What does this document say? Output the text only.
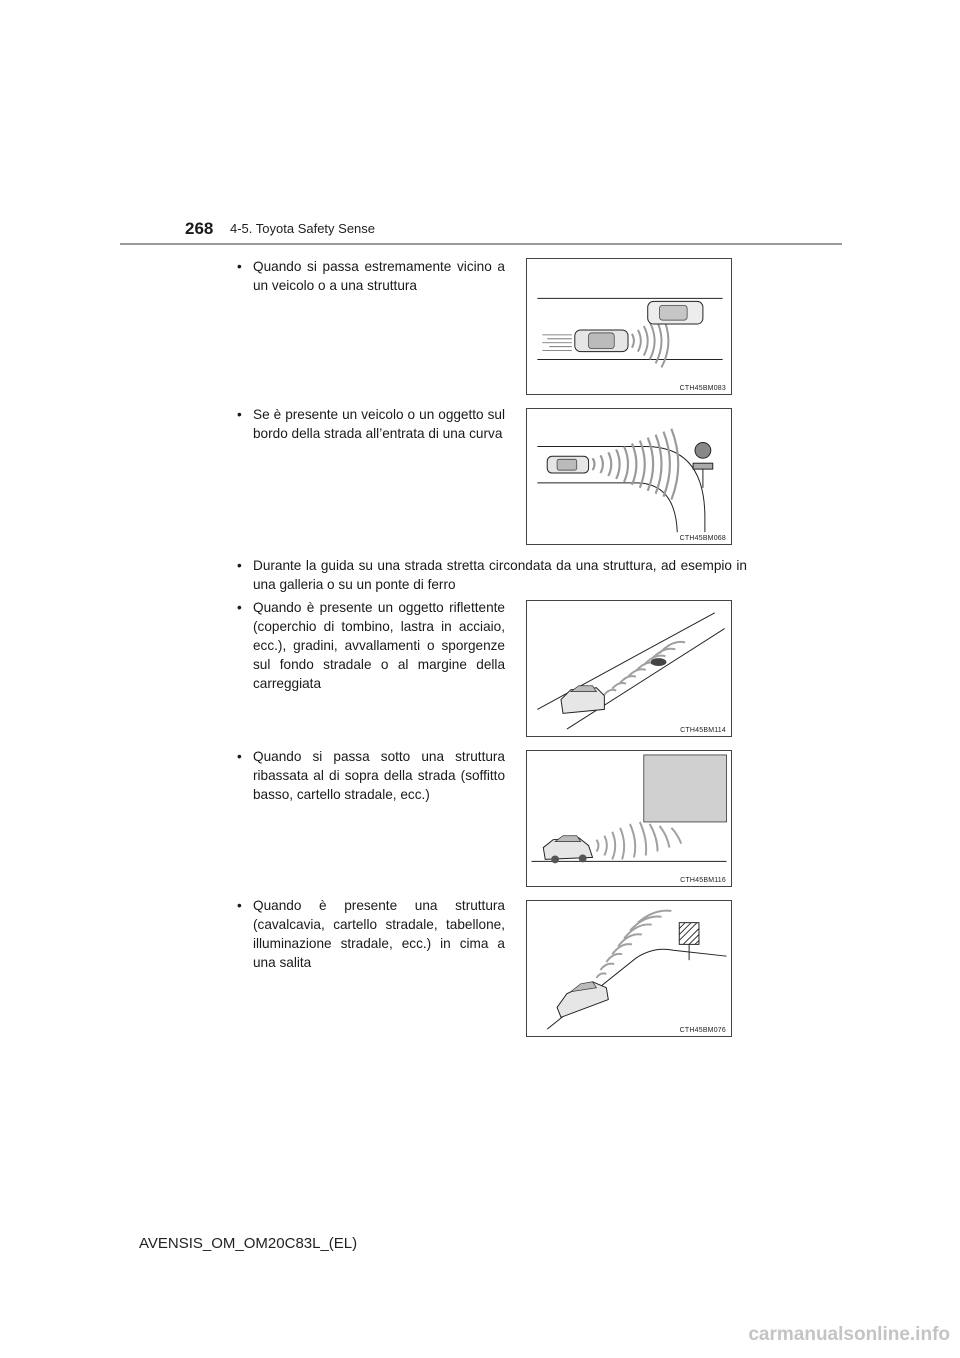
268 4-5. Toyota Safety Sense
• Quando si passa estremamente vicino a un veicolo o a una struttura
CTH45BM083
• Se è presente un veicolo o un oggetto sul bordo della strada all’entrata di una curva
CTH45BM068
• Durante la guida su una strada stretta circondata da una struttura, ad esempio in una galleria o su un ponte di ferro
• Quando è presente un oggetto riflettente (coperchio di tombino, lastra in acciaio, ecc.), gradini, avvallamenti o sporgenze sul fondo stradale o al margine della carreggiata
CTH45BM114
• Quando si passa sotto una struttura ribassata al di sopra della strada (soffitto basso, cartello stradale, ecc.)
CTH45BM116
• Quando è presente una struttura (cavalcavia, cartello stradale, tabellone, illuminazione stradale, ecc.) in cima a una salita
CTH45BM076
AVENSIS_OM_OM20C83L_(EL)
carmanualsonline.info
